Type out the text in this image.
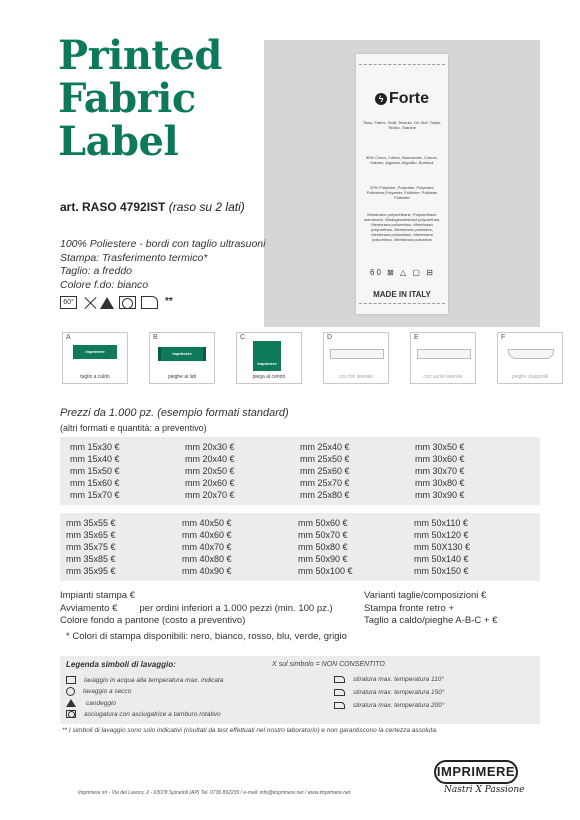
Printed
Fabric
Label
ϟ Forte
Tissu, Fabric, Stoff, Tessuto, De Stof, Tejido, Tecido, Tkanine
80% Coton, Cotton, Baumwolle, Cotone, Katoen, Algodón, Algodão, Bombaž
20% Polyester, Polyester, Polyester, Poliestere,Polyester, Poliéster, Poliéster Poliester
Membrane polyuréthane, Polyurethane membrane, Bindegewebshaut polyurethan, Membrana poliuretano, Membraan polyurethan, Membrana poliestere, Membrana poliuretano, Membrana poliuretano, Membrana poliuretan
60 ⊠ △ ▢ ⊟
MADE IN ITALY
art. RASO 4792IST (raso su 2 lati)
100% Poliestere - bordi con taglio ultrasuoni
Stampa: Trasferimento termico*
Taglio: a freddo
Colore f.do: bianco
60°	**
A
imprimere
taglio a caldo
B
imprimere
pieghe ai lati
C
imprimere
piega al centro
D
con fori laterale
E
con asole laterale
F
pieghe diagonali
Prezzi da 1.000 pz. (esempio formati standard)
(altri formati e quantità: a preventivo)
mm 15x30 €	mm 20x30 €	mm 25x40 €	mm 30x50 €
mm 15x40 €	mm 20x40 €	mm 25x50 €	mm 30x60 €
mm 15x50 €	mm 20x50 €	mm 25x60 €	mm 30x70 €
mm 15x60 €	mm 20x60 €	mm 25x70 €	mm 30x80 €
mm 15x70 €	mm 20x70 €	mm 25x80 €	mm 30x90 €
mm 35x55 €	mm 40x50 €	mm 50x60 €	mm 50x110 €
mm 35x65 €	mm 40x60 €	mm 50x70 €	mm 50x120 €
mm 35x75 €	mm 40x70 €	mm 50x80 €	mm 50X130 €
mm 35x85 €	mm 40x80 €	mm 50x90 €	mm 50x140 €
mm 35x95 €	mm 40x90 €	mm 50x100 €	mm 50x150 €
Impianti stampa €
Avviamento € per ordini inferiori a 1.000 pezzi (min. 100 pz.)
Colore fondo a pantone (costo a preventivo)
Varianti taglie/composizioni €
Stampa fronte retro +
Taglio a caldo/pieghe A-B-C + €
* Colori di stampa disponibili: nero, bianco, rosso, blu, verde, grigio
Legenda simboli di lavaggio:	X sul simbolo = NON CONSENTITO
lavaggio in acqua alla temperatura max. indicata
lavaggio a secco
candeggio
asciugatura con asciugatrice a tamburo rotativo
stiratura max. temperatura 110°
stiratura max. temperatura 150°
stiratura max. temperatura 200°
** I simboli di lavaggio sono solo indicativi (risultati da test effettuati nel nostro laboratorio) e non garantiscono la certezza assoluta.
IMPRIMERE
Nastri X Passione
Imprimere srl - Via del Lavoro, 2 - 63078 Spinetoli (AP) Tel. 0736 892239 / e-mail: info@imprimere.net / www.imprimere.net
